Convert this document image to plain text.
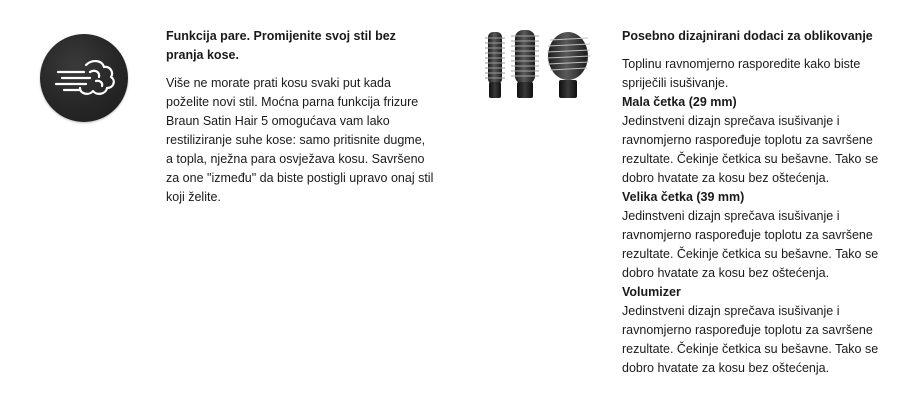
Funkcija pare. Promijenite svoj stil bez pranja kose.

Više ne morate prati kosu svaki put kada poželite novi stil. Moćna parna funkcija frizure Braun Satin Hair 5 omogućava vam lako restiliziranje suhe kose: samo pritisnite dugme, a topla, nježna para osvježava kosu. Savršeno za one "između" da biste postigli upravo onaj stil koji želite.

Posebno dizajnirani dodaci za oblikovanje

Toplinu ravnomjerno rasporedite kako biste spriječili isušivanje.

Mala četka (29 mm)

Jedinstveni dizajn sprečava isušivanje i ravnomjerno raspoređuje toplotu za savršene rezultate. Čekinje četkica su bešavne. Tako se dobro hvatate za kosu bez oštećenja.

Velika četka (39 mm)

Jedinstveni dizajn sprečava isušivanje i ravnomjerno raspoređuje toplotu za savršene rezultate. Čekinje četkica su bešavne. Tako se dobro hvatate za kosu bez oštećenja.

Volumizer

Jedinstveni dizajn sprečava isušivanje i ravnomjerno raspoređuje toplotu za savršene rezultate. Čekinje četkica su bešavne. Tako se dobro hvatate za kosu bez oštećenja.
